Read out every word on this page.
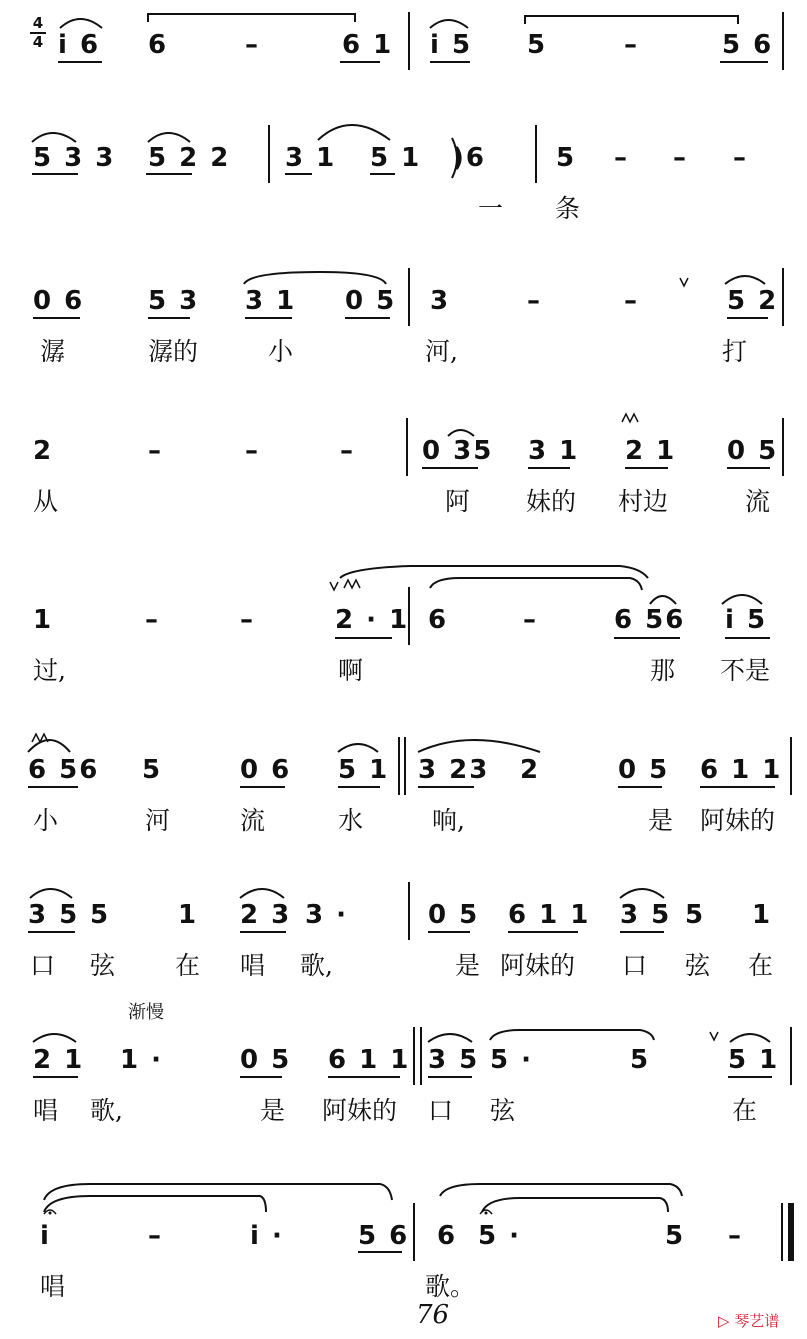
4
4 i 6 6	–	6 1 i 5 5	–	5 6
5 3 3 5 2 2 3 1 5 1 )6	5 – – –
一 条
0 6 5 3 3 1 0 5 3	–	–	5 2
潺	潺的	小	河,	打
2	–	–	–	0 35 3 1 2 1 0 5
从	阿 妹的 村边	流
1	–	–	2 · 1 6	–	6 56 i 5
过,	啊	那 不是
6 56 5	0 6 5 1 3 23 2	0 5 6 1 1
小	河	流	水	响,	是 阿妹的
3 5 5	1 2 3 3 ·	0 5 6 1 1 3 5 5 1
口 弦 在 唱 歌,	是 阿妹的 口 弦 在
渐慢
2 1 1 ·	0 5 6 1 1 3 5 5 ·	5	5 1
唱 歌,	是 阿妹的 口 弦	在
i	–	i ·	5 6 6 5 ·	5 –
唱	歌。
76	▷ 琴艺谱
